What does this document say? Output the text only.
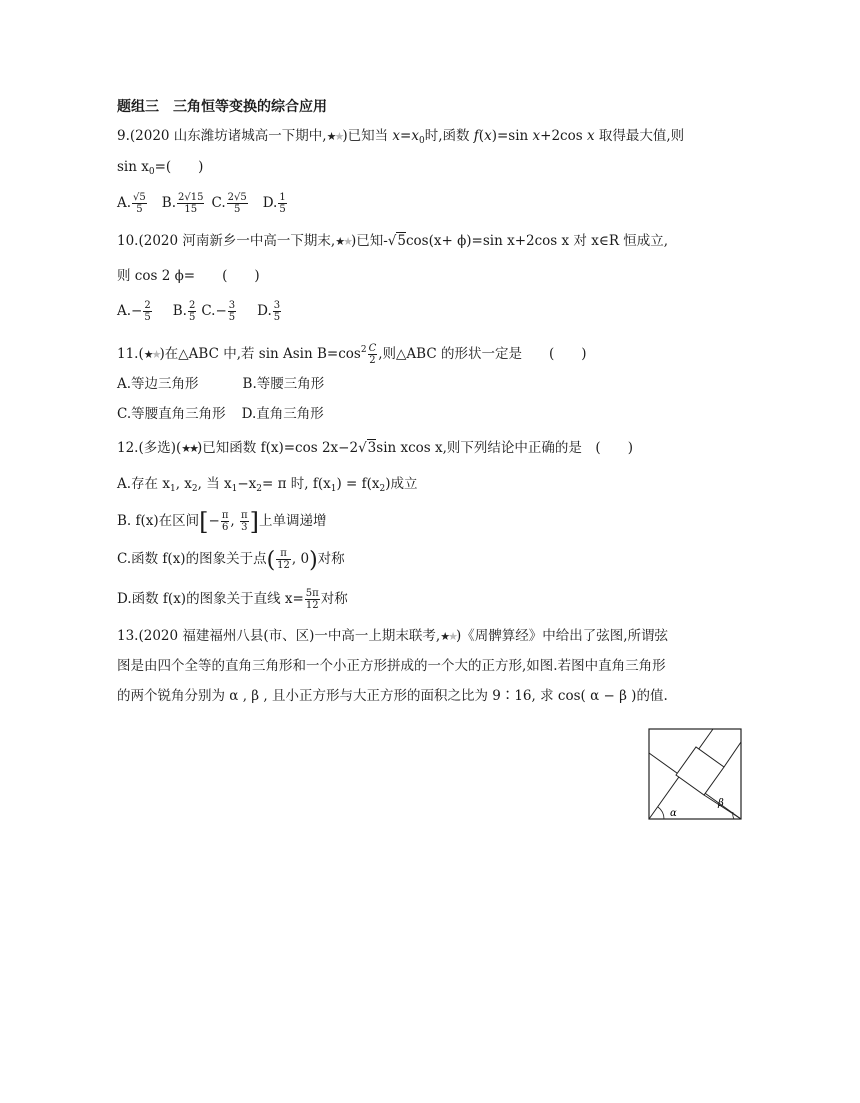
题组三　三角恒等变换的综合应用
9.(2020 山东潍坊诸城高一下期中,★★)已知当 $x=x_0$时,函数 f(x)=sin x+2cos x 取得最大值,则
$\sin x_0=$(　　)
A. $\frac{√5}{5} B$. $\frac{2√15}{15} C$. $\frac{2√5}{5} D$. $\frac{1}{5}$
10.(2020 河南新乡一中高一下期末,★★)已知-√5cos(x+ ϕ)=sin x+2cos x 对 x∈R 恒成立,
则 cos 2 ϕ=　　(　　)
$A.- \frac{2}{5} B$. $\frac{2}{5} C.- \frac{3}{5} D$. $\frac{3}{5}$
11.(★★)在△ABC 中,若 sin Asin $B=\cos^2 \frac{C}{2}$ ,则△ABC 的形状一定是　　(　　)
A.等边三角形	B.等腰三角形
C.等腰直角三角形 D.直角三角形
12.(多选)(★★)已知函数 f(x)=cos 2x−2√3sin xcos x,则下列结论中正确的是　(　　)
A.存在 $x_1$, $x_2$, 当 $x_1-x_2= \pi$ 时, $f(x_1) = f(x_2)$成立
B. f(x)在区间[− $\frac{\pi}{6}$ , $\frac{\pi}{3}$ ]上单调递增
C.函数 f(x)的图象关于点( $\frac{\pi}{12}$ , 0)对称
D.函数 f(x)的图象关于直线 $x= \frac{5\pi}{12}$ 对称
13.(2020 福建福州八县(市、区)一中高一上期末联考,★★)《周髀算经》中给出了弦图,所谓弦
图是由四个全等的直角三角形和一个小正方形拼成的一个大的正方形,如图.若图中直角三角形
的两个锐角分别为 α , β , 且小正方形与大正方形的面积之比为 9∶16, 求 cos( α − β )的值.
α
β
